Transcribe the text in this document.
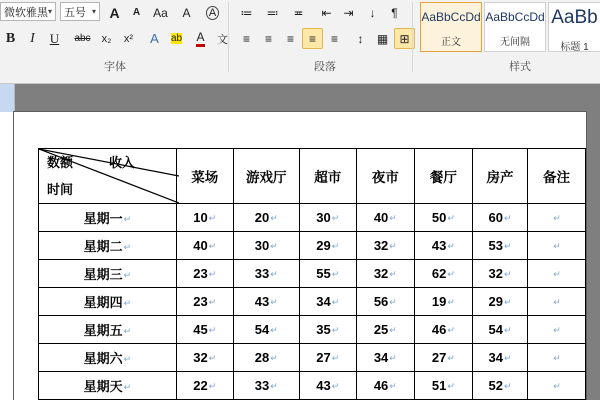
微软雅黑 ▾ 五号 ▾ A A Aa A
B I U abc x₂ x² A ab A 文
A
字体
≔ ≕ ≖ ⇤ ⇥ ↓ ¶
≡ ≡ ≡ ≡ ≡ ↕ ▦ ⊞
段落
AaBbCcDd
正文
AaBbCcDd
无间隔
AaBb
标题 1
样式
数额 收入
时间	菜场	游戏厅	超市	夜市	餐厅	房产	备注
星期一↵	10↵	20↵	30↵	40↵	50↵	60↵	↵
星期二↵	40↵	30↵	29↵	32↵	43↵	53↵	↵
星期三↵	23↵	33↵	55↵	32↵	62↵	32↵	↵
星期四↵	23↵	43↵	34↵	56↵	19↵	29↵	↵
星期五↵	45↵	54↵	35↵	25↵	46↵	54↵	↵
星期六↵	32↵	28↵	27↵	34↵	27↵	34↵	↵
星期天↵	22↵	33↵	43↵	46↵	51↵	52↵	↵
